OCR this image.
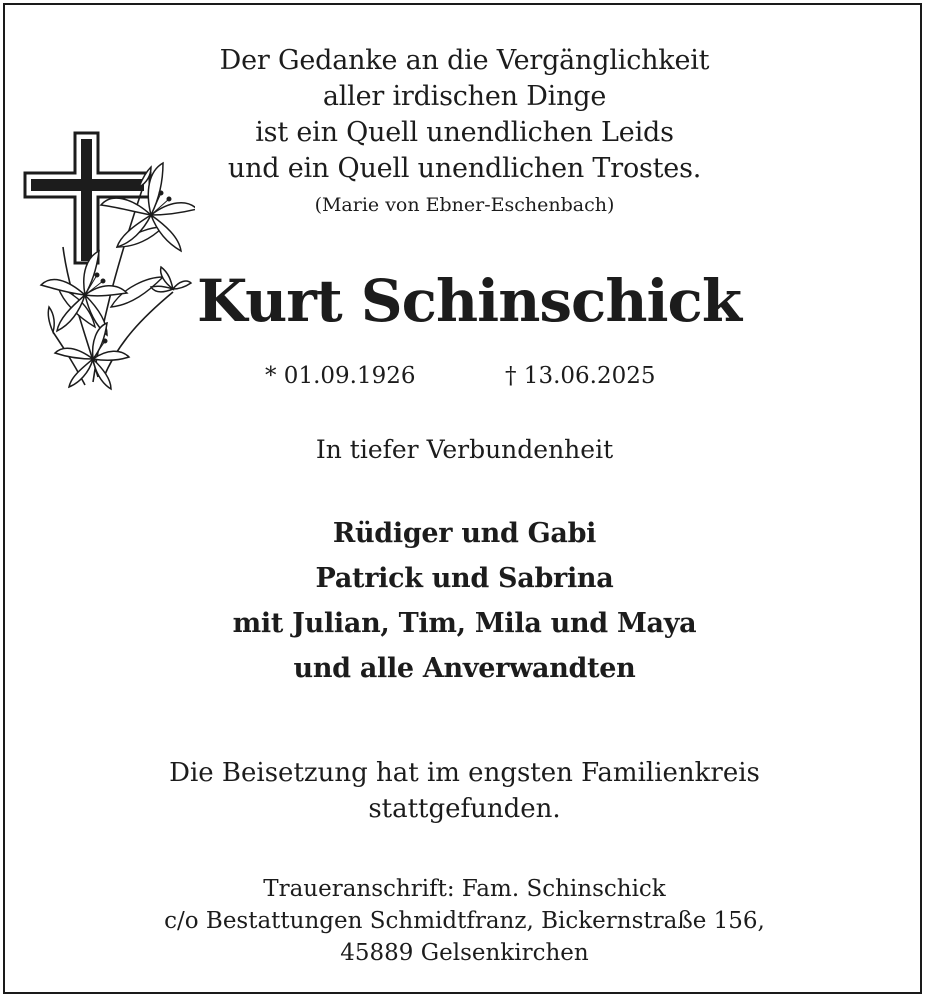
Der Gedanke an die Vergänglichkeit
aller irdischen Dinge
ist ein Quell unendlichen Leids
und ein Quell unendlichen Trostes.
(Marie von Ebner-Eschenbach)
Kurt Schinschick
* 01.09.1926	† 13.06.2025
In tiefer Verbundenheit
Rüdiger und Gabi
Patrick und Sabrina
mit Julian, Tim, Mila und Maya
und alle Anverwandten
Die Beisetzung hat im engsten Familienkreis
stattgefunden.
Traueranschrift: Fam. Schinschick
c/o Bestattungen Schmidtfranz, Bickernstraße 156,
45889 Gelsenkirchen
